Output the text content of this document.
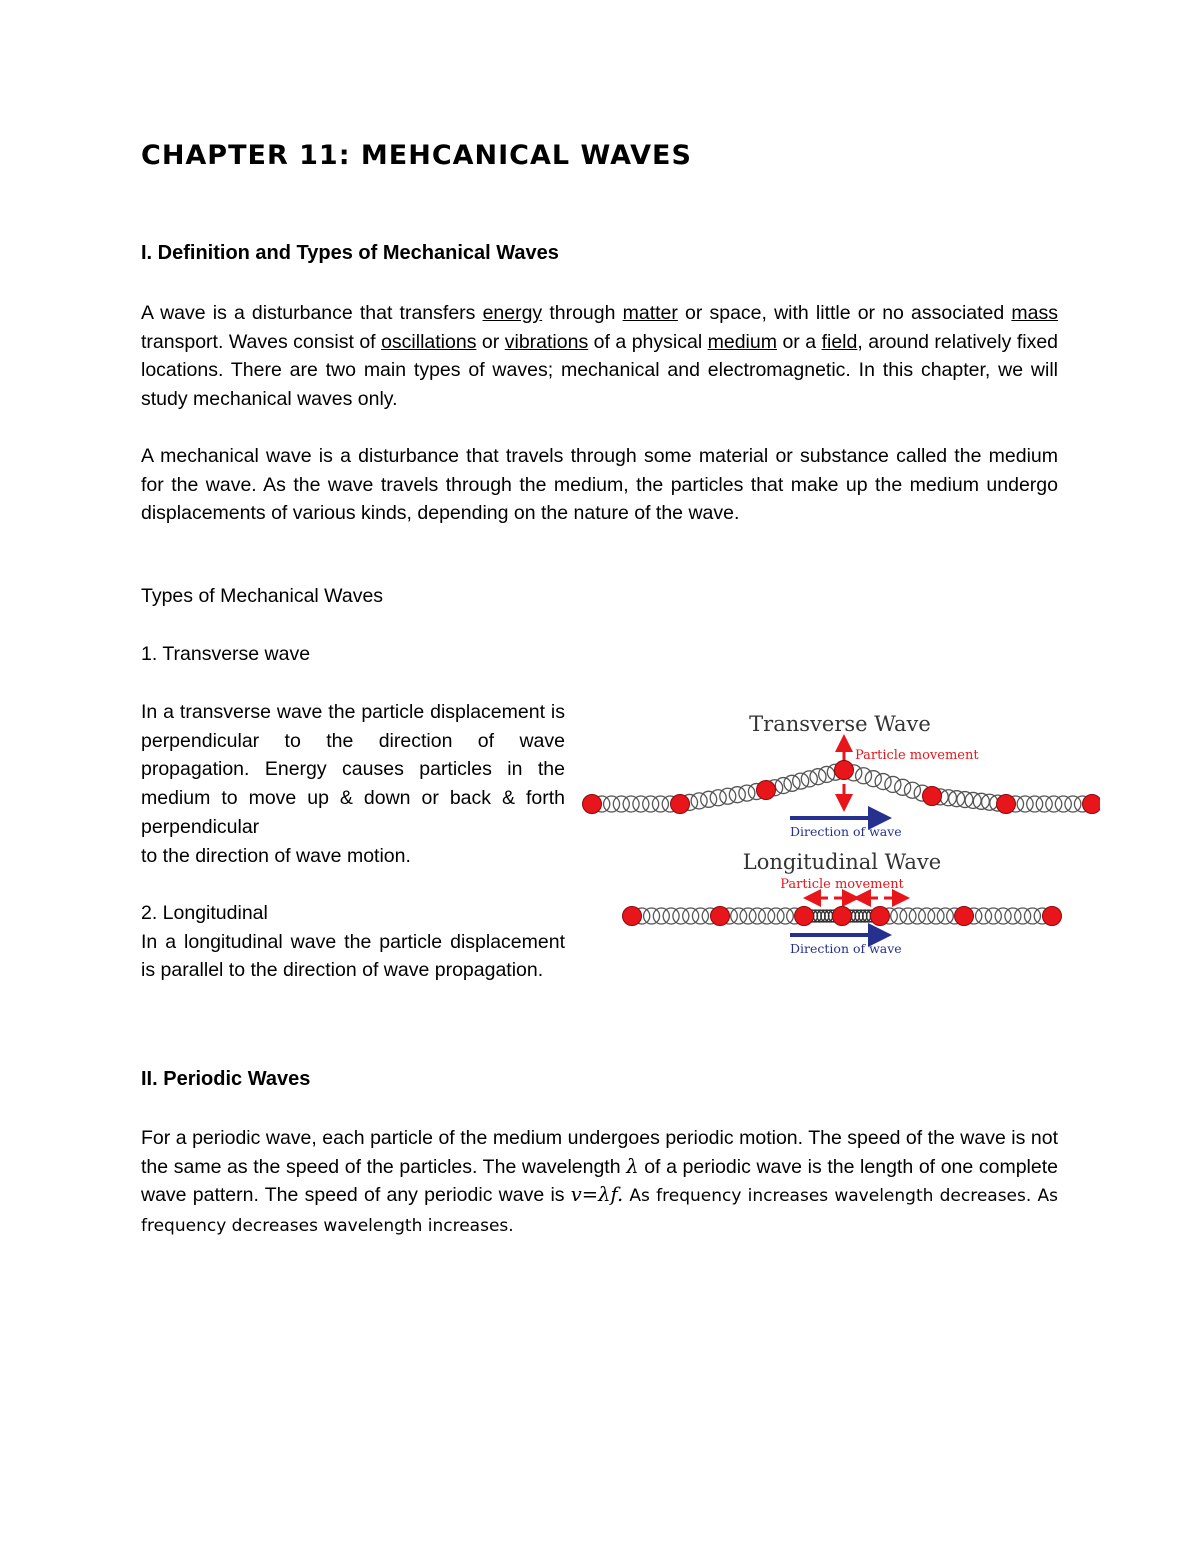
CHAPTER 11: MEHCANICAL WAVES
I. Definition and Types of Mechanical Waves
A wave is a disturbance that transfers energy through matter or space, with little or no associated mass transport. Waves consist of oscillations or vibrations of a physical medium or a field, around relatively fixed locations. There are two main types of waves; mechanical and electromagnetic. In this chapter, we will study mechanical waves only.
A mechanical wave is a disturbance that travels through some material or substance called the medium for the wave. As the wave travels through the medium, the particles that make up the medium undergo displacements of various kinds, depending on the nature of the wave.
Types of Mechanical Waves
1. Transverse wave
In a transverse wave the particle displacement is perpendicular to the direction of wave propagation. Energy causes particles in the medium to move up & down or back & forth perpendicular
to the direction of wave motion.
2. Longitudinal
In a longitudinal wave the particle displacement is parallel to the direction of wave propagation.
Transverse Wave
Particle movement
Direction of wave
Longitudinal Wave
Particle movement
Direction of wave
II. Periodic Waves
For a periodic wave, each particle of the medium undergoes periodic motion. The speed of the wave is not the same as the speed of the particles. The wavelength λ of a periodic wave is the length of one complete wave pattern. The speed of any periodic wave is v=λf. As frequency increases wavelength decreases. As frequency decreases wavelength increases.
